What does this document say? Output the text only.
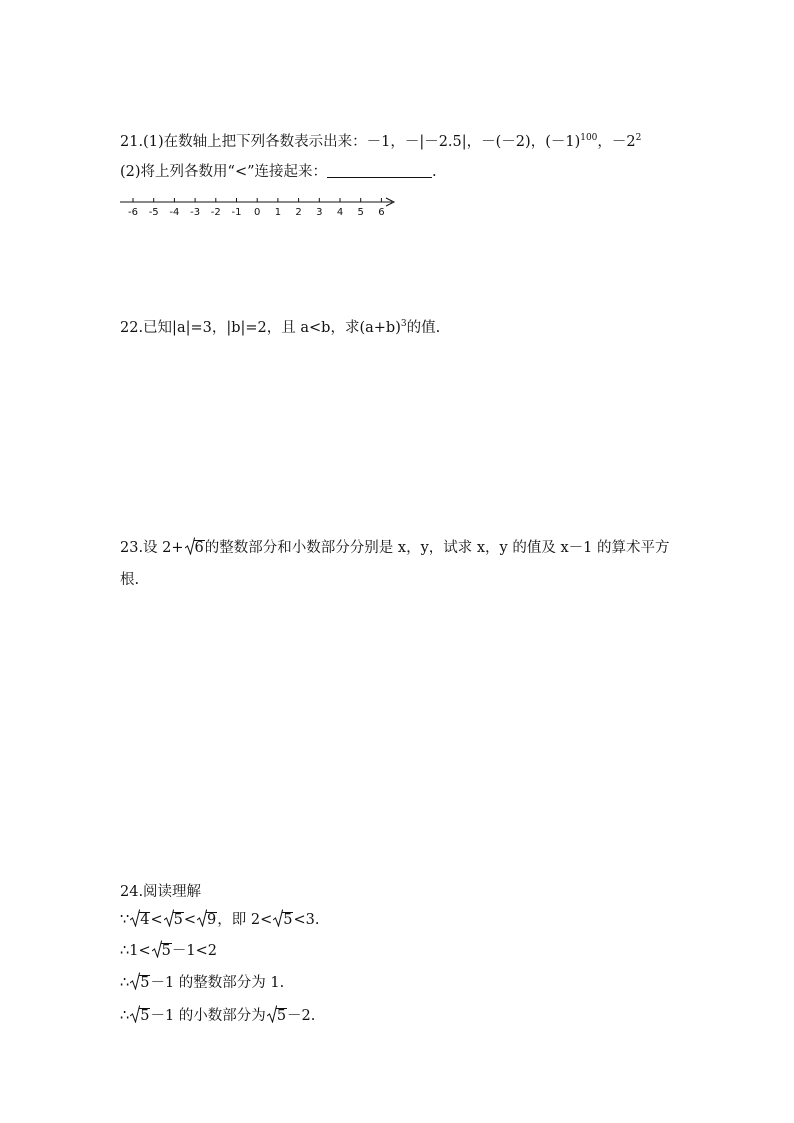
21.(1)在数轴上把下列各数表示出来：－1，－|－2.5|，－(－2)，$(-1)^{100}$，$-2^2$
(2)将上列各数用“<”连接起来：	.
-6 -5 -4 -3 -2 -1 0 1 2 3 4 5 6
22.已知|a|=3，|b|=2，且 a<b，求$(a+b)^3$的值.
23.设 2+ 6的整数部分和小数部分分别是 x，y，试求 x，y 的值及 x－1 的算术平方
根.
24.阅读理解
∵ 4< 5< 9，即 2< 5<3.
∴1< 5－1<2
∴ 5－1 的整数部分为 1.
∴ 5－1 的小数部分为 5－2.
